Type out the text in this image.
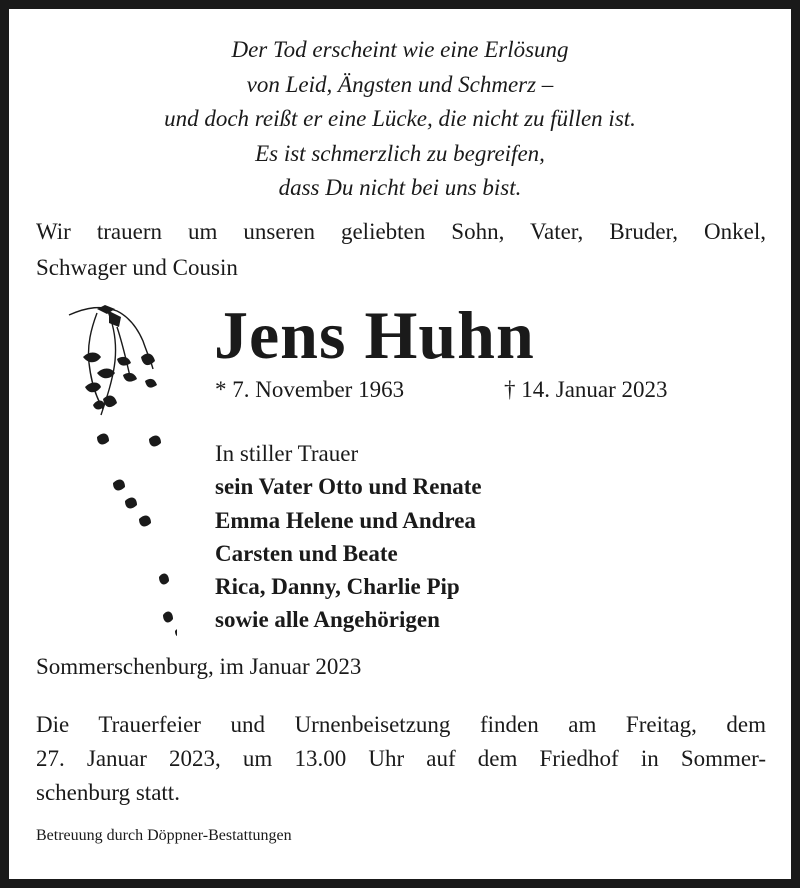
Der Tod erscheint wie eine Erlösung
von Leid, Ängsten und Schmerz –
und doch reißt er eine Lücke, die nicht zu füllen ist.
Es ist schmerzlich zu begreifen,
dass Du nicht bei uns bist.
Wir trauern um unseren geliebten Sohn, Vater, Bruder, Onkel,
Schwager und Cousin
Jens Huhn
* 7. November 1963	† 14. Januar 2023
In stiller Trauer
sein Vater Otto und Renate
Emma Helene und Andrea
Carsten und Beate
Rica, Danny, Charlie Pip
sowie alle Angehörigen
Sommerschenburg, im Januar 2023
Die Trauerfeier und Urnenbeisetzung finden am Freitag, dem
27. Januar 2023, um 13.00 Uhr auf dem Friedhof in Sommer-
schenburg statt.
Betreuung durch Döppner-Bestattungen
